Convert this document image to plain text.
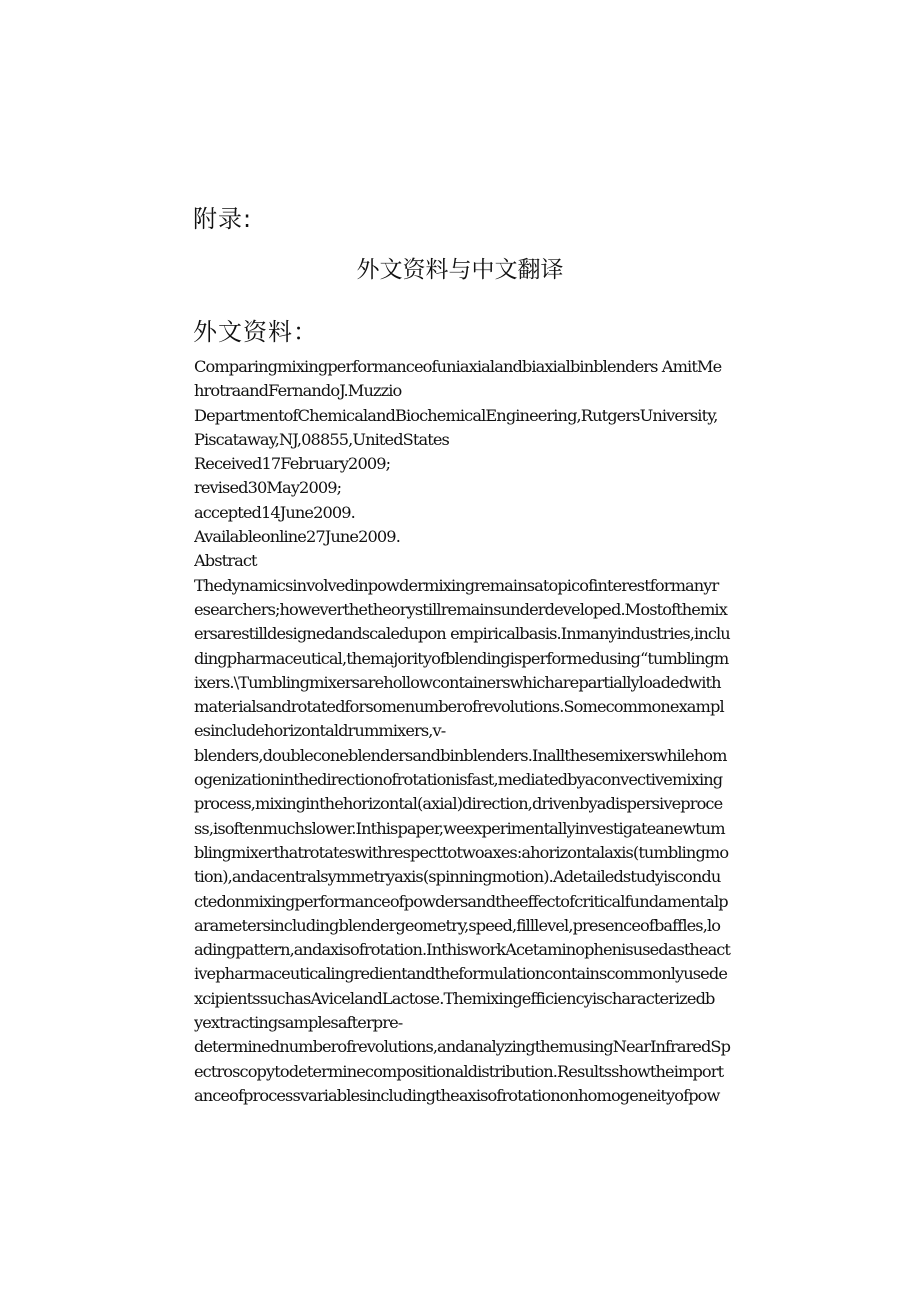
附录:
外文资料与中文翻译
外文资料：
Comparingmixingperformanceofuniaxialandbiaxialbinblenders AmitMe
hrotraandFernandoJ.Muzzio
DepartmentofChemicalandBiochemicalEngineering,RutgersUniversity,
Piscataway,NJ,08855,UnitedStates
Received17February2009;
revised30May2009;
accepted14June2009.
Availableonline27June2009.
Abstract
Thedynamicsinvolvedinpowdermixingremainsatopicofinterestformanyr
esearchers;howeverthetheorystillremainsunderdeveloped.Mostofthemix
ersarestilldesignedandscaledupon empiricalbasis.Inmanyindustries,inclu
dingpharmaceutical,themajorityofblendingisperformedusing“tumblingm
ixers.\Tumblingmixersarehollowcontainerswhicharepartiallyloadedwith
materialsandrotatedforsomenumberofrevolutions.Somecommonexampl
esincludehorizontaldrummixers,v-
blenders,doubleconeblendersandbinblenders.Inallthesemixerswhilehom
ogenizationinthedirectionofrotationisfast,mediatedbyaconvectivemixing
process,mixinginthehorizontal(axial)direction,drivenbyadispersiveproce
ss,isoftenmuchslower.Inthispaper,weexperimentallyinvestigateanewtum
blingmixerthatrotateswithrespecttotwoaxes:ahorizontalaxis(tumblingmo
tion),andacentralsymmetryaxis(spinningmotion).Adetailedstudyiscondu
ctedonmixingperformanceofpowdersandtheeffectofcriticalfundamentalp
arametersincludingblendergeometry,speed,filllevel,presenceofbaffles,lo
adingpattern,andaxisofrotation.InthisworkAcetaminophenisusedastheact
ivepharmaceuticalingredientandtheformulationcontainscommonlyusede
xcipientssuchasAvicelandLactose.Themixingefficiencyischaracterizedb
yextractingsamplesafterpre-
determinednumberofrevolutions,andanalyzingthemusingNearInfraredSp
ectroscopytodeterminecompositionaldistribution.Resultsshowtheimport
anceofprocessvariablesincludingtheaxisofrotationonhomogeneityofpow
